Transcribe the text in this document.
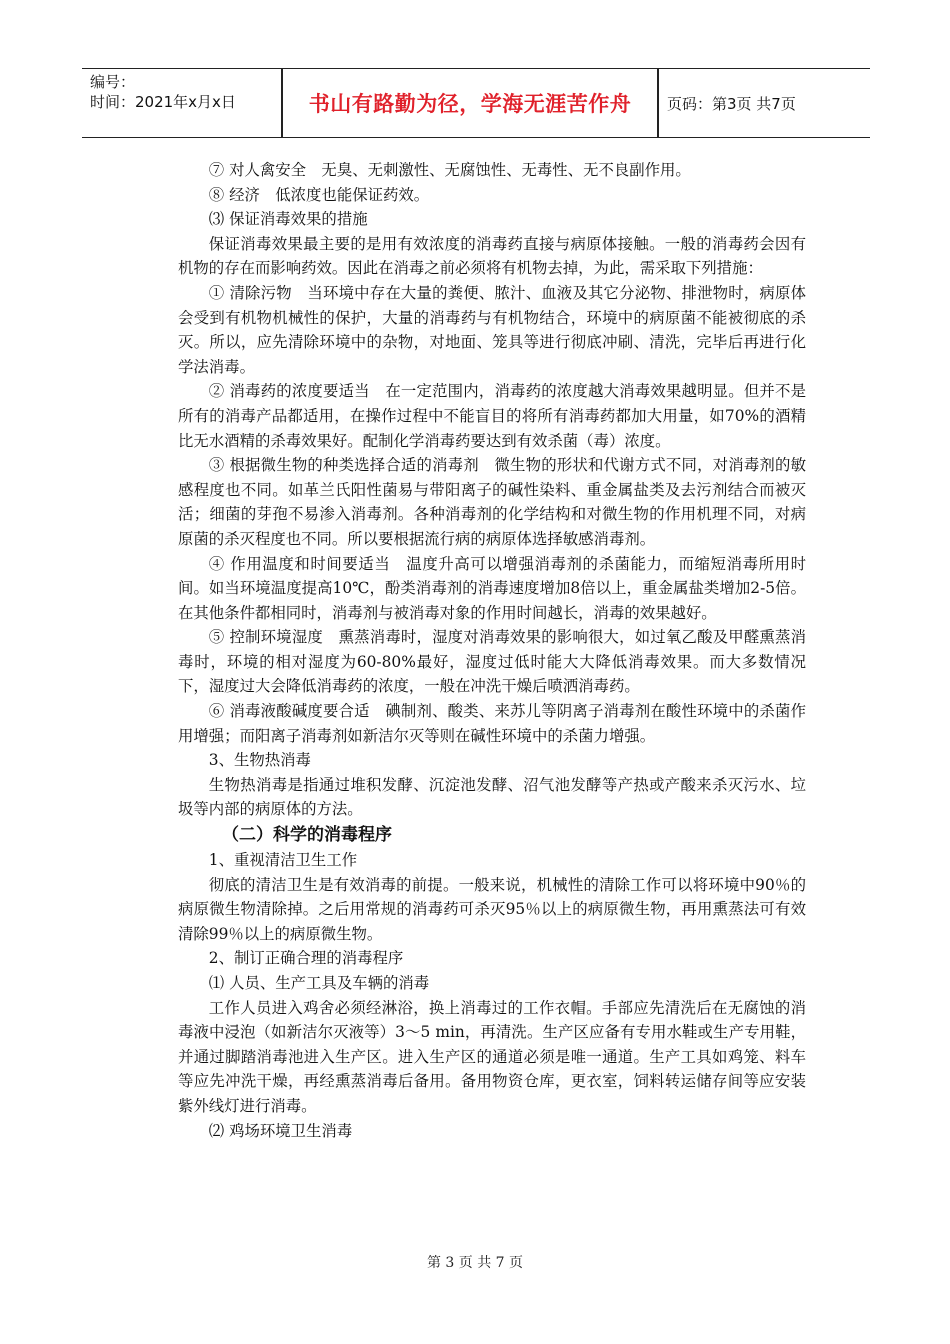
编号：
时间：2021年x月x日	书山有路勤为径，学海无涯苦作舟	页码：第3页 共7页

⑦ 对人禽安全　无臭、无刺激性、无腐蚀性、无毒性、无不良副作用。

⑧ 经济　低浓度也能保证药效。

⑶ 保证消毒效果的措施

保证消毒效果最主要的是用有效浓度的消毒药直接与病原体接触。一般的消毒药会因有机物的存在而影响药效。因此在消毒之前必须将有机物去掉，为此，需采取下列措施：

① 清除污物　当环境中存在大量的粪便、脓汁、血液及其它分泌物、排泄物时，病原体会受到有机物机械性的保护，大量的消毒药与有机物结合，环境中的病原菌不能被彻底的杀灭。所以，应先清除环境中的杂物，对地面、笼具等进行彻底冲刷、清洗，完毕后再进行化学法消毒。

② 消毒药的浓度要适当　在一定范围内，消毒药的浓度越大消毒效果越明显。但并不是所有的消毒产品都适用，在操作过程中不能盲目的将所有消毒药都加大用量，如70%的酒精比无水酒精的杀毒效果好。配制化学消毒药要达到有效杀菌（毒）浓度。

③ 根据微生物的种类选择合适的消毒剂　微生物的形状和代谢方式不同，对消毒剂的敏感程度也不同。如革兰氏阳性菌易与带阳离子的碱性染料、重金属盐类及去污剂结合而被灭活；细菌的芽孢不易渗入消毒剂。各种消毒剂的化学结构和对微生物的作用机理不同，对病原菌的杀灭程度也不同。所以要根据流行病的病原体选择敏感消毒剂。

④ 作用温度和时间要适当　温度升高可以增强消毒剂的杀菌能力，而缩短消毒所用时间。如当环境温度提高10℃，酚类消毒剂的消毒速度增加8倍以上，重金属盐类增加2-5倍。在其他条件都相同时，消毒剂与被消毒对象的作用时间越长，消毒的效果越好。

⑤ 控制环境湿度　熏蒸消毒时，湿度对消毒效果的影响很大，如过氧乙酸及甲醛熏蒸消毒时，环境的相对湿度为60-80%最好，湿度过低时能大大降低消毒效果。而大多数情况下，湿度过大会降低消毒药的浓度，一般在冲洗干燥后喷洒消毒药。

⑥ 消毒液酸碱度要合适　碘制剂、酸类、来苏儿等阴离子消毒剂在酸性环境中的杀菌作用增强；而阳离子消毒剂如新洁尔灭等则在碱性环境中的杀菌力增强。

3、生物热消毒

生物热消毒是指通过堆积发酵、沉淀池发酵、沼气池发酵等产热或产酸来杀灭污水、垃圾等内部的病原体的方法。

（二）科学的消毒程序

1、重视清洁卫生工作

彻底的清洁卫生是有效消毒的前提。一般来说，机械性的清除工作可以将环境中90％的病原微生物清除掉。之后用常规的消毒药可杀灭95％以上的病原微生物，再用熏蒸法可有效清除99％以上的病原微生物。

2、制订正确合理的消毒程序

⑴ 人员、生产工具及车辆的消毒

工作人员进入鸡舍必须经淋浴，换上消毒过的工作衣帽。手部应先清洗后在无腐蚀的消毒液中浸泡（如新洁尔灭液等）3～5 min，再清洗。生产区应备有专用水鞋或生产专用鞋，并通过脚踏消毒池进入生产区。进入生产区的通道必须是唯一通道。生产工具如鸡笼、料车等应先冲洗干燥，再经熏蒸消毒后备用。备用物资仓库，更衣室，饲料转运储存间等应安装紫外线灯进行消毒。

⑵ 鸡场环境卫生消毒

第 3 页 共 7 页
